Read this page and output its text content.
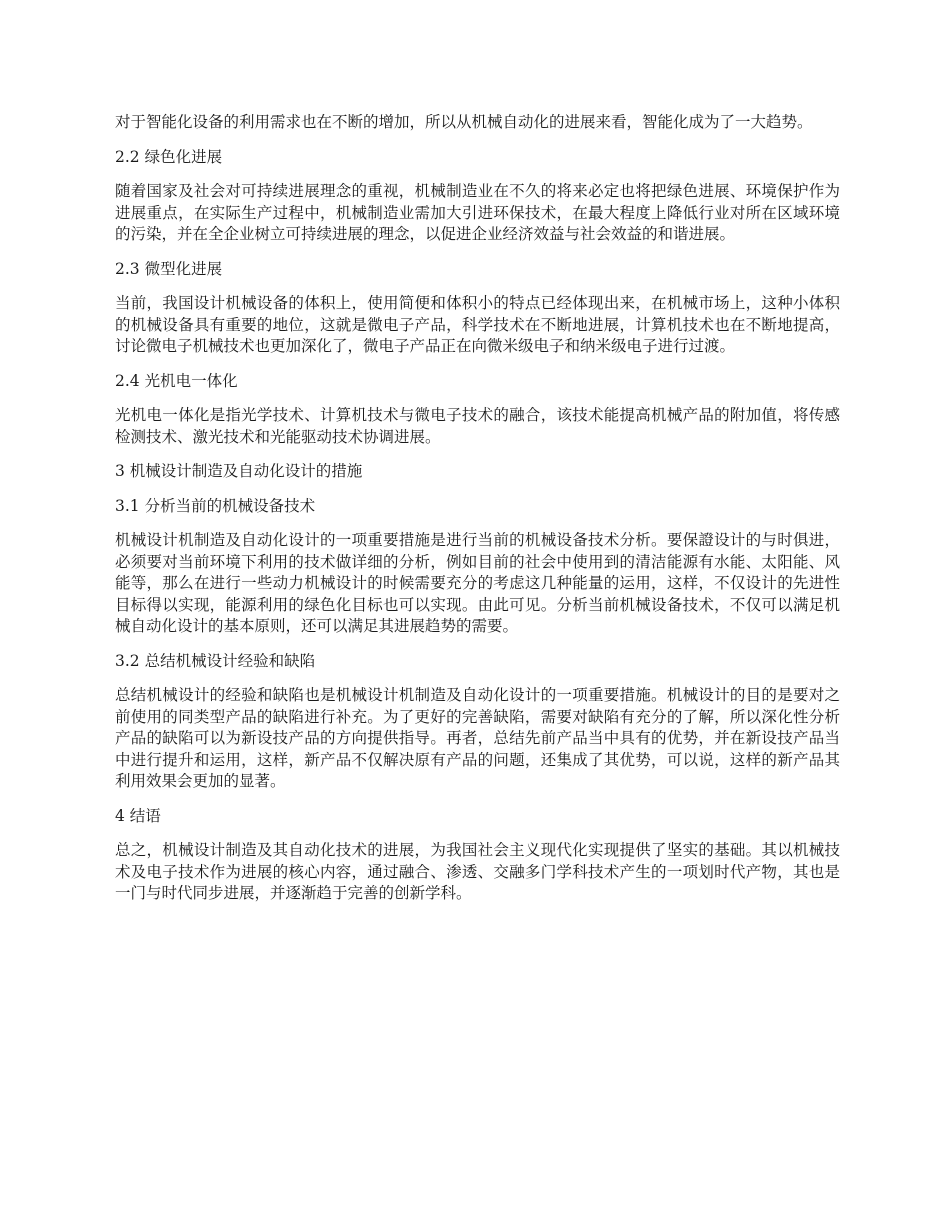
对于智能化设备的利用需求也在不断的增加，所以从机械自动化的进展来看，智能化成为了一大趋势。

2.2 绿色化进展

随着国家及社会对可持续进展理念的重视，机械制造业在不久的将来必定也将把绿色进展、环境保护作为进展重点，在实际生产过程中，机械制造业需加大引进环保技术，在最大程度上降低行业对所在区域环境的污染，并在全企业树立可持续进展的理念，以促进企业经济效益与社会效益的和谐进展。

2.3 微型化进展

当前，我国设计机械设备的体积上，使用简便和体积小的特点已经体现出来，在机械市场上，这种小体积的机械设备具有重要的地位，这就是微电子产品，科学技术在不断地进展，计算机技术也在不断地提高，讨论微电子机械技术也更加深化了，微电子产品正在向微米级电子和纳米级电子进行过渡。

2.4 光机电一体化

光机电一体化是指光学技术、计算机技术与微电子技术的融合，该技术能提高机械产品的附加值，将传感检测技术、激光技术和光能驱动技术协调进展。

3 机械设计制造及自动化设计的措施
3.1 分析当前的机械设备技术

机械设计机制造及自动化设计的一项重要措施是进行当前的机械设备技术分析。要保證设计的与时俱进，必须要对当前环境下利用的技术做详细的分析，例如目前的社会中使用到的清洁能源有水能、太阳能、风能等，那么在进行一些动力机械设计的时候需要充分的考虑这几种能量的运用，这样，不仅设计的先进性目标得以实现，能源利用的绿色化目标也可以实现。由此可见。分析当前机械设备技术，不仅可以满足机械自动化设计的基本原则，还可以满足其进展趋势的需要。

3.2 总结机械设计经验和缺陷

总结机械设计的经验和缺陷也是机械设计机制造及自动化设计的一项重要措施。机械设计的目的是要对之前使用的同类型产品的缺陷进行补充。为了更好的完善缺陷，需要对缺陷有充分的了解，所以深化性分析产品的缺陷可以为新设技产品的方向提供指导。再者，总结先前产品当中具有的优势，并在新设技产品当中进行提升和运用，这样，新产品不仅解决原有产品的问题，还集成了其优势，可以说，这样的新产品其利用效果会更加的显著。

4 结语

总之，机械设计制造及其自动化技术的进展，为我国社会主义现代化实现提供了坚实的基础。其以机械技术及电子技术作为进展的核心内容，通过融合、渗透、交融多门学科技术产生的一项划时代产物，其也是一门与时代同步进展，并逐渐趋于完善的创新学科。
